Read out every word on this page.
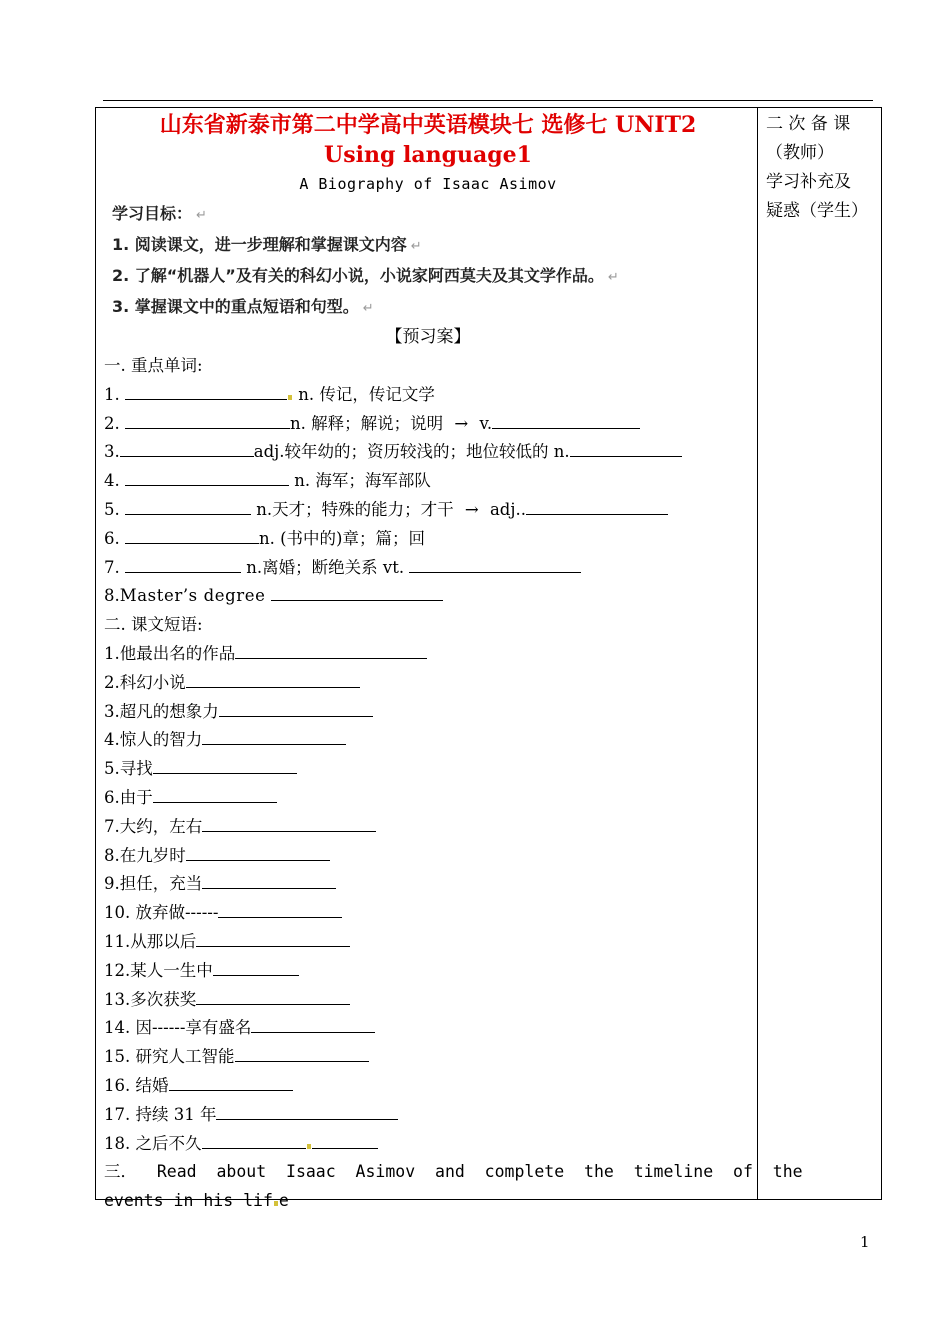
山东省新泰市第二中学高中英语模块七 选修七 UNIT2
Using language1
A Biography of Isaac Asimov
学习目标： ↵
1. 阅读课文，进一步理解和掌握课文内容 ↵
2. 了解“机器人”及有关的科幻小说，小说家阿西莫夫及其文学作品。 ↵
3. 掌握课文中的重点短语和句型。 ↵
【预习案】
一. 重点单词:
1.	n. 传记，传记文学
2.	n. 解释；解说；说明 → v.
3.	adj.较年幼的；资历较浅的；地位较低的 n.
4.	n. 海军；海军部队
5.	n.天才；特殊的能力；才干 → adj..
6.	n. (书中的)章；篇；回
7.	n.离婚；断绝关系 vt.
8.Master’s degree
二. 课文短语:
1.他最出名的作品
2.科幻小说
3.超凡的想象力
4.惊人的智力
5.寻找
6.由于
7.大约，左右
8.在九岁时
9.担任，充当
10. 放弃做------
11.从那以后
12.某人一生中
13.多次获奖
14. 因------享有盛名
15. 研究人工智能
16. 结婚
17. 持续 31 年
18. 之后不久
三．  Read  about  Isaac  Asimov  and  complete  the  timeline  of  the
events in his lif e
二 次 备 课
（教师）
学习补充及
疑惑（学生）
1
